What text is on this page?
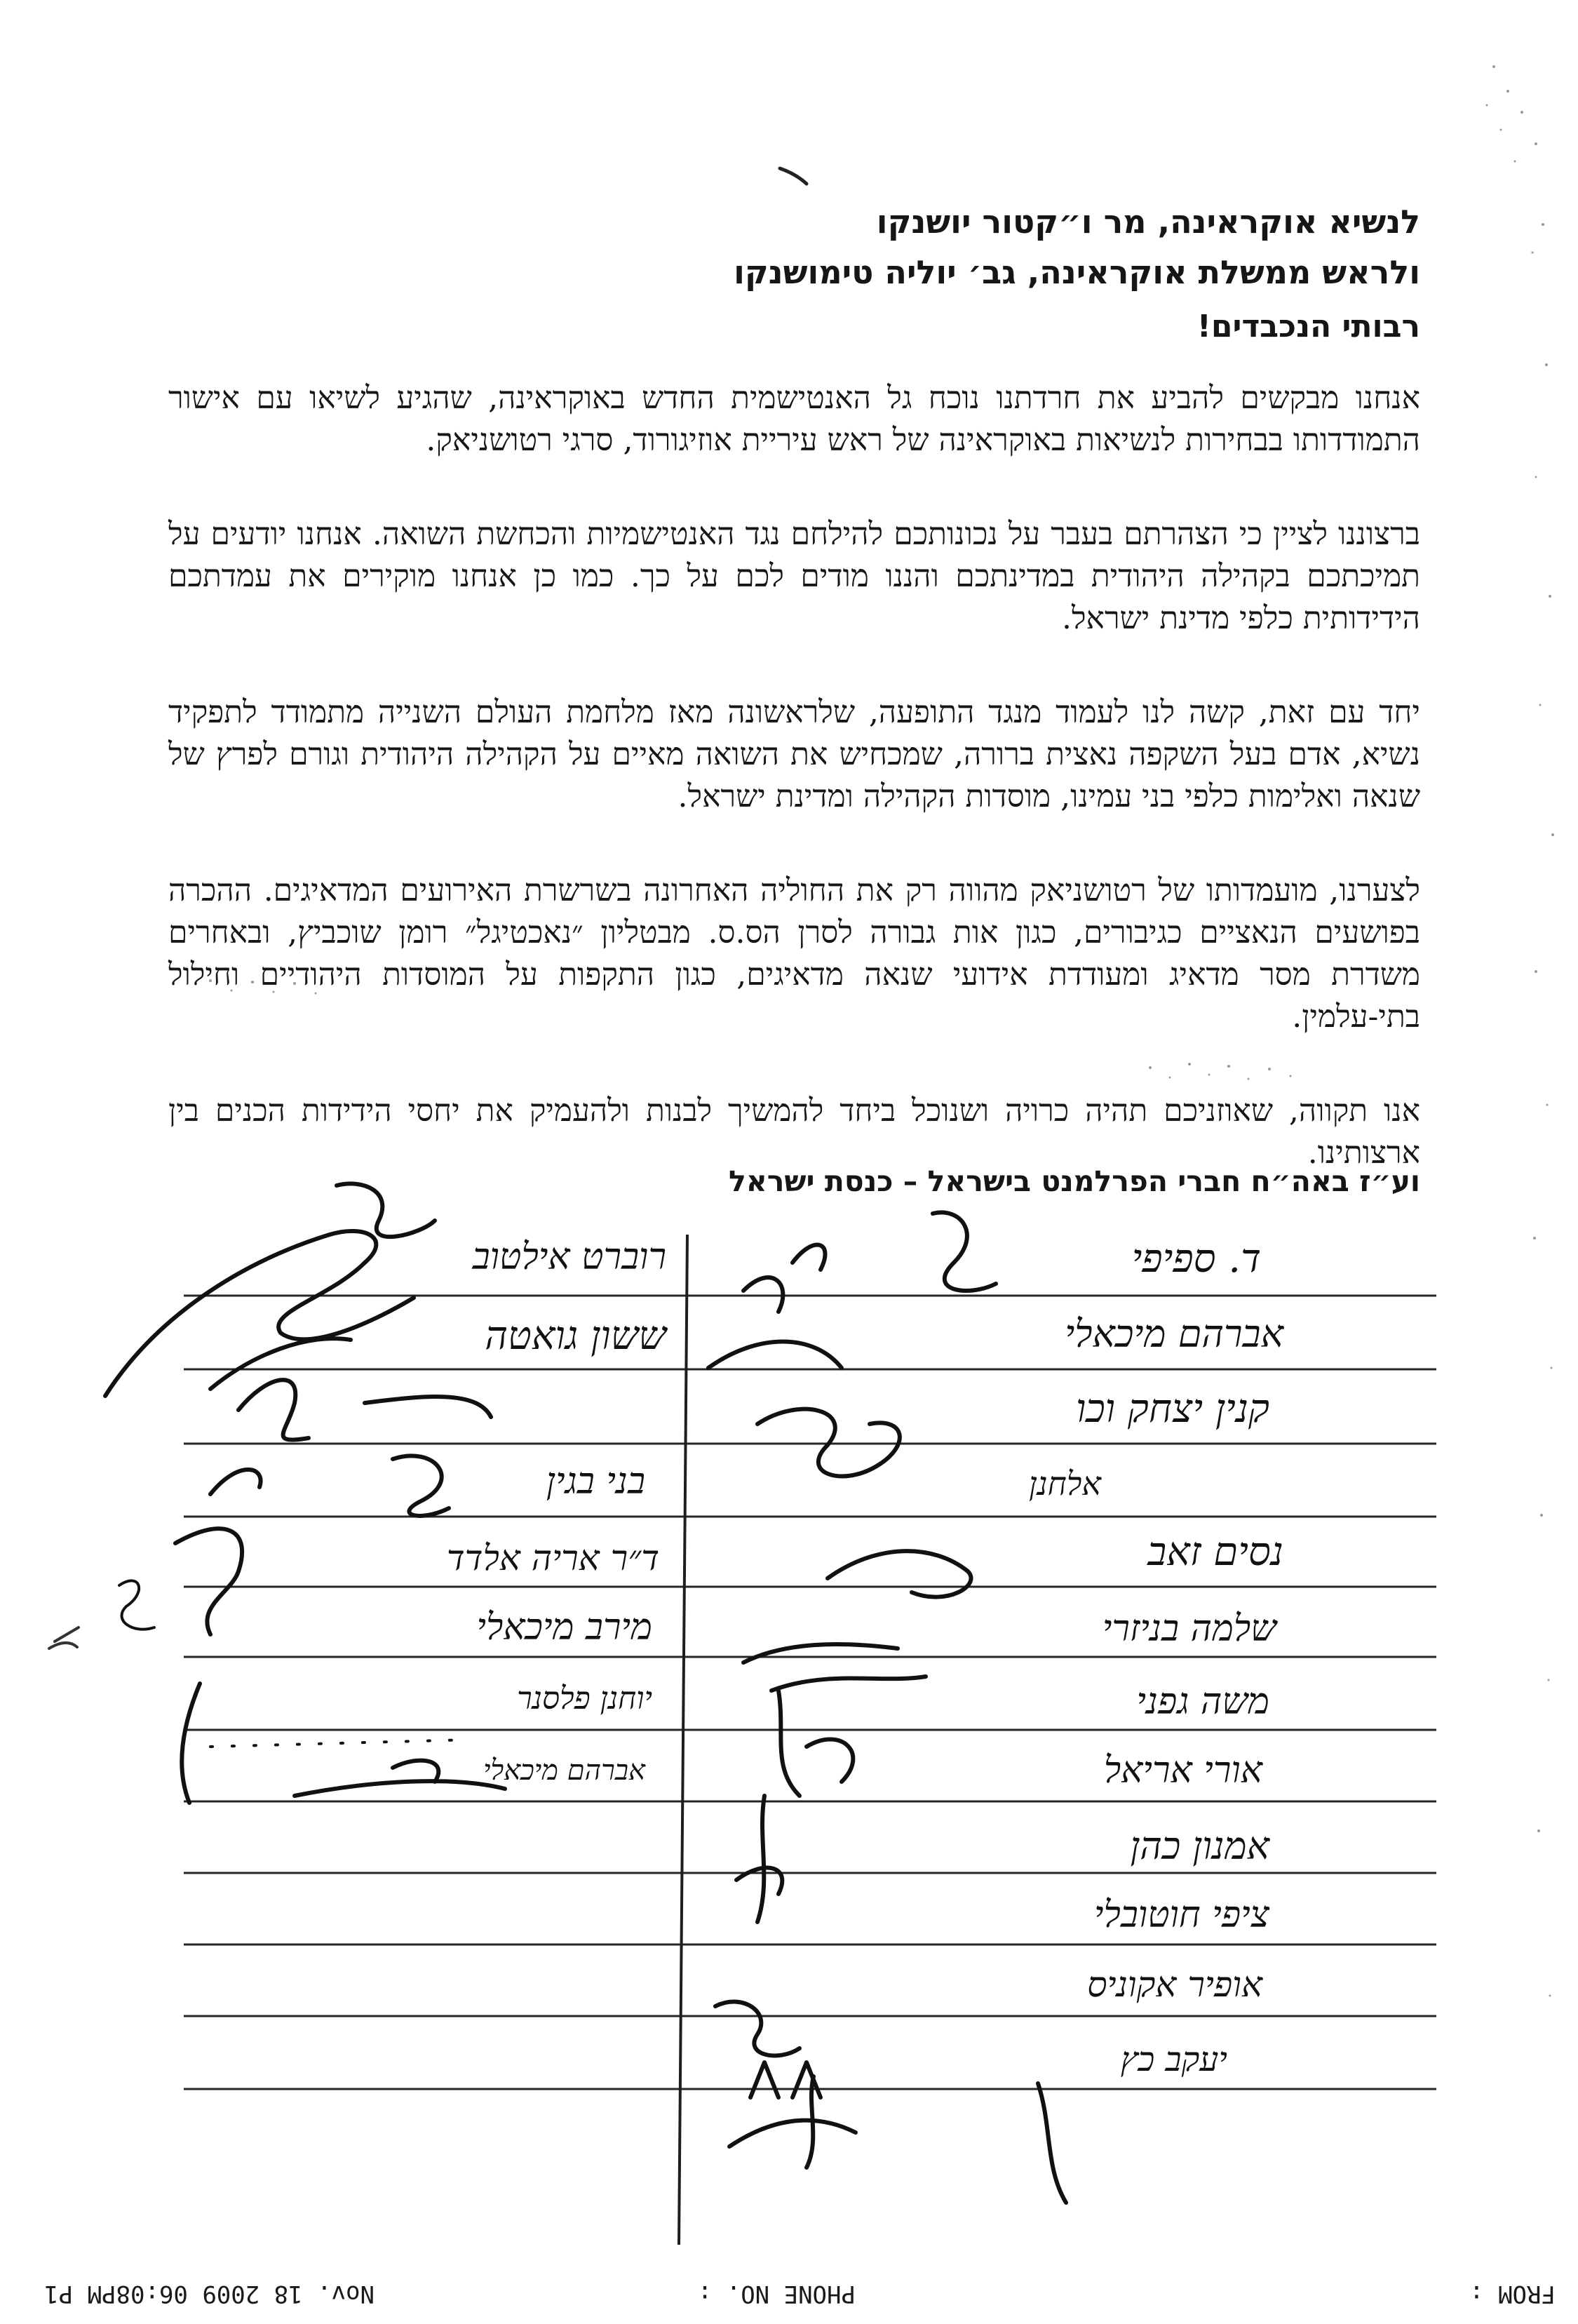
לנשיא אוקראינה, מר ו״קטור יושנקו
ולראש ממשלת אוקראינה, גב׳ יוליה טימושנקו
רבותי הנכבדים!

אנחנו מבקשים להביע את חרדתנו נוכח גל האנטישמית החדש באוקראינה, שהגיע לשיאו עם אישור התמודדותו בבחירות לנשיאות באוקראינה של ראש עיריית אוזיגורוד, סרגי רטושניאק.

ברצוננו לציין כי הצהרתם בעבר על נכונותכם להילחם נגד האנטישמיות והכחשת השואה. אנחנו יודעים על תמיכתכם בקהילה היהודית במדינתכם והננו מודים לכם על כך. כמו כן אנחנו מוקירים את עמדתכם הידידותית כלפי מדינת ישראל.

יחד עם זאת, קשה לנו לעמוד מנגד התופעה, שלראשונה מאז מלחמת העולם השנייה מתמודד לתפקיד נשיא, אדם בעל השקפה נאצית ברורה, שמכחיש את השואה מאיים על הקהילה היהודית וגורם לפרץ של שנאה ואלימות כלפי בני עמינו, מוסדות הקהילה ומדינת ישראל.

לצערנו, מועמדותו של רטושניאק מהווה רק את החוליה האחרונה בשרשרת האירועים המדאיגים. ההכרה בפושעים הנאציים כגיבורים, כגון אות גבורה לסרן הס.ס. מבטליון ״נאכטיגל״ רומן שוכביץ, ובאחרים משדרת מסר מדאיג ומעודדת אידועי שנאה מדאיגים, כגון התקפות על המוסדות היהודיים וחילול בתי-עלמין.

אנו תקווה, שאוזניכם תהיה כרויה ושנוכל ביחד להמשיך לבנות ולהעמיק את יחסי הידידות הכנים בין ארצותינו.

וע״ז באה״ח חברי הפרלמנט בישראל – כנסת ישראל
ד. ספיפי
אברהם מיכאלי
קנין יצחק וכו
אלחנן
נסים זאב
שלמה בניזרי
משה גפני
אורי אריאל
אמנון כהן
ציפי חוטובלי
אופיר אקוניס
יעקב כץ
רוברט אילטוב
ששון גואטה
בני בגין
ד״ר אריה אלדד
מירב מיכאלי
יוחנן פלסנר
אברהם מיכאלי
FROM :
PHONE NO. :
Nov. 18 2009 06:08PM P1
